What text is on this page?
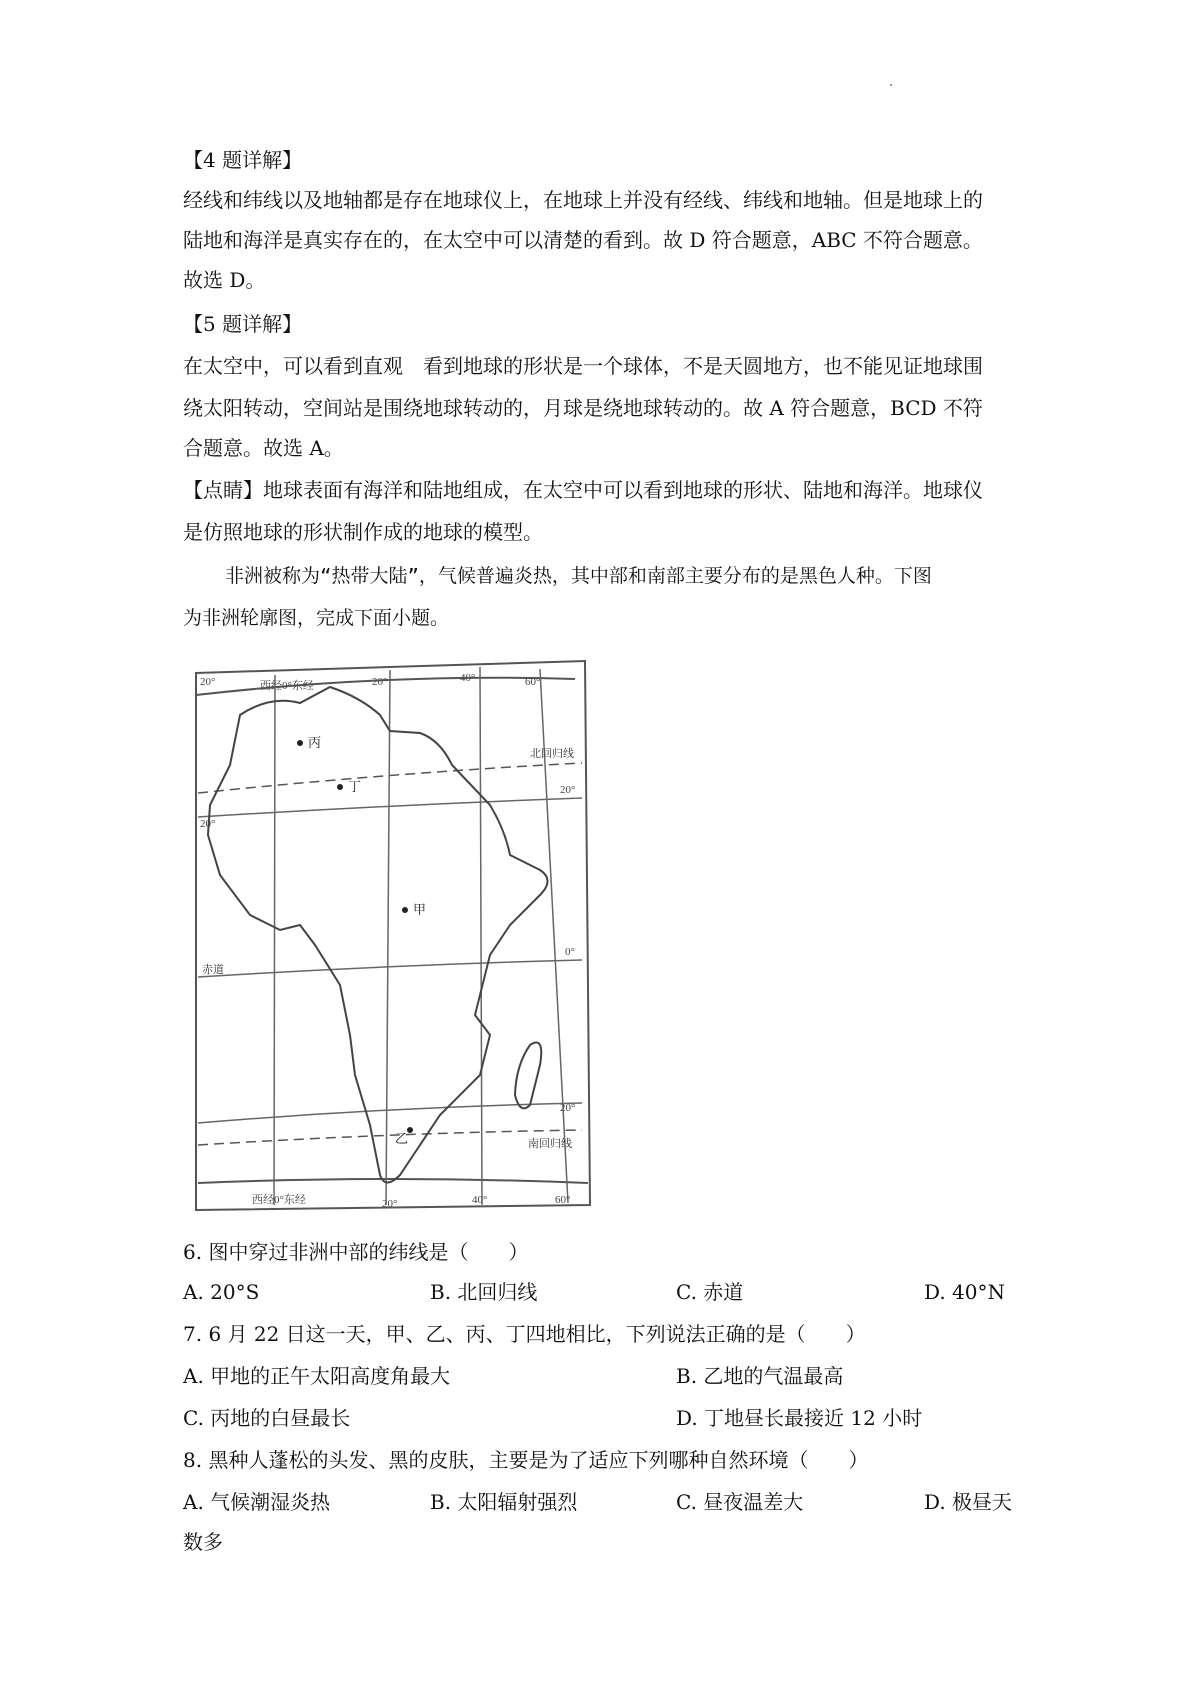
【4 题详解】
经线和纬线以及地轴都是存在地球仪上，在地球上并没有经线、纬线和地轴。但是地球上的
陆地和海洋是真实存在的，在太空中可以清楚的看到。故 D 符合题意，ABC 不符合题意。
故选 D。
【5 题详解】
在太空中，可以看到直观　看到地球的形状是一个球体，不是天圆地方，也不能见证地球围
绕太阳转动，空间站是围绕地球转动的，月球是绕地球转动的。故 A 符合题意，BCD 不符
合题意。故选 A。
【点睛】地球表面有海洋和陆地组成，在太空中可以看到地球的形状、陆地和海洋。地球仪
是仿照地球的形状制作成的地球的模型。
非洲被称为“热带大陆”，气候普遍炎热，其中部和南部主要分布的是黑色人种。下图
为非洲轮廓图，完成下面小题。
西经0°东经
西经0°东经
20°	20°	40°	60°
20°	40°	60°
20°
0°
20°
20°
北回归线
赤道
南回归线
丙
丁
甲
乙
6. 图中穿过非洲中部的纬线是（　　）
A. 20°S	B. 北回归线	C. 赤道	D. 40°N
7. 6 月 22 日这一天，甲、乙、丙、丁四地相比，下列说法正确的是（　　）
A. 甲地的正午太阳高度角最大	B. 乙地的气温最高
C. 丙地的白昼最长	D. 丁地昼长最接近 12 小时
8. 黑种人蓬松的头发、黑的皮肤，主要是为了适应下列哪种自然环境（　　）
A. 气候潮湿炎热	B. 太阳辐射强烈	C. 昼夜温差大	D. 极昼天
数多
